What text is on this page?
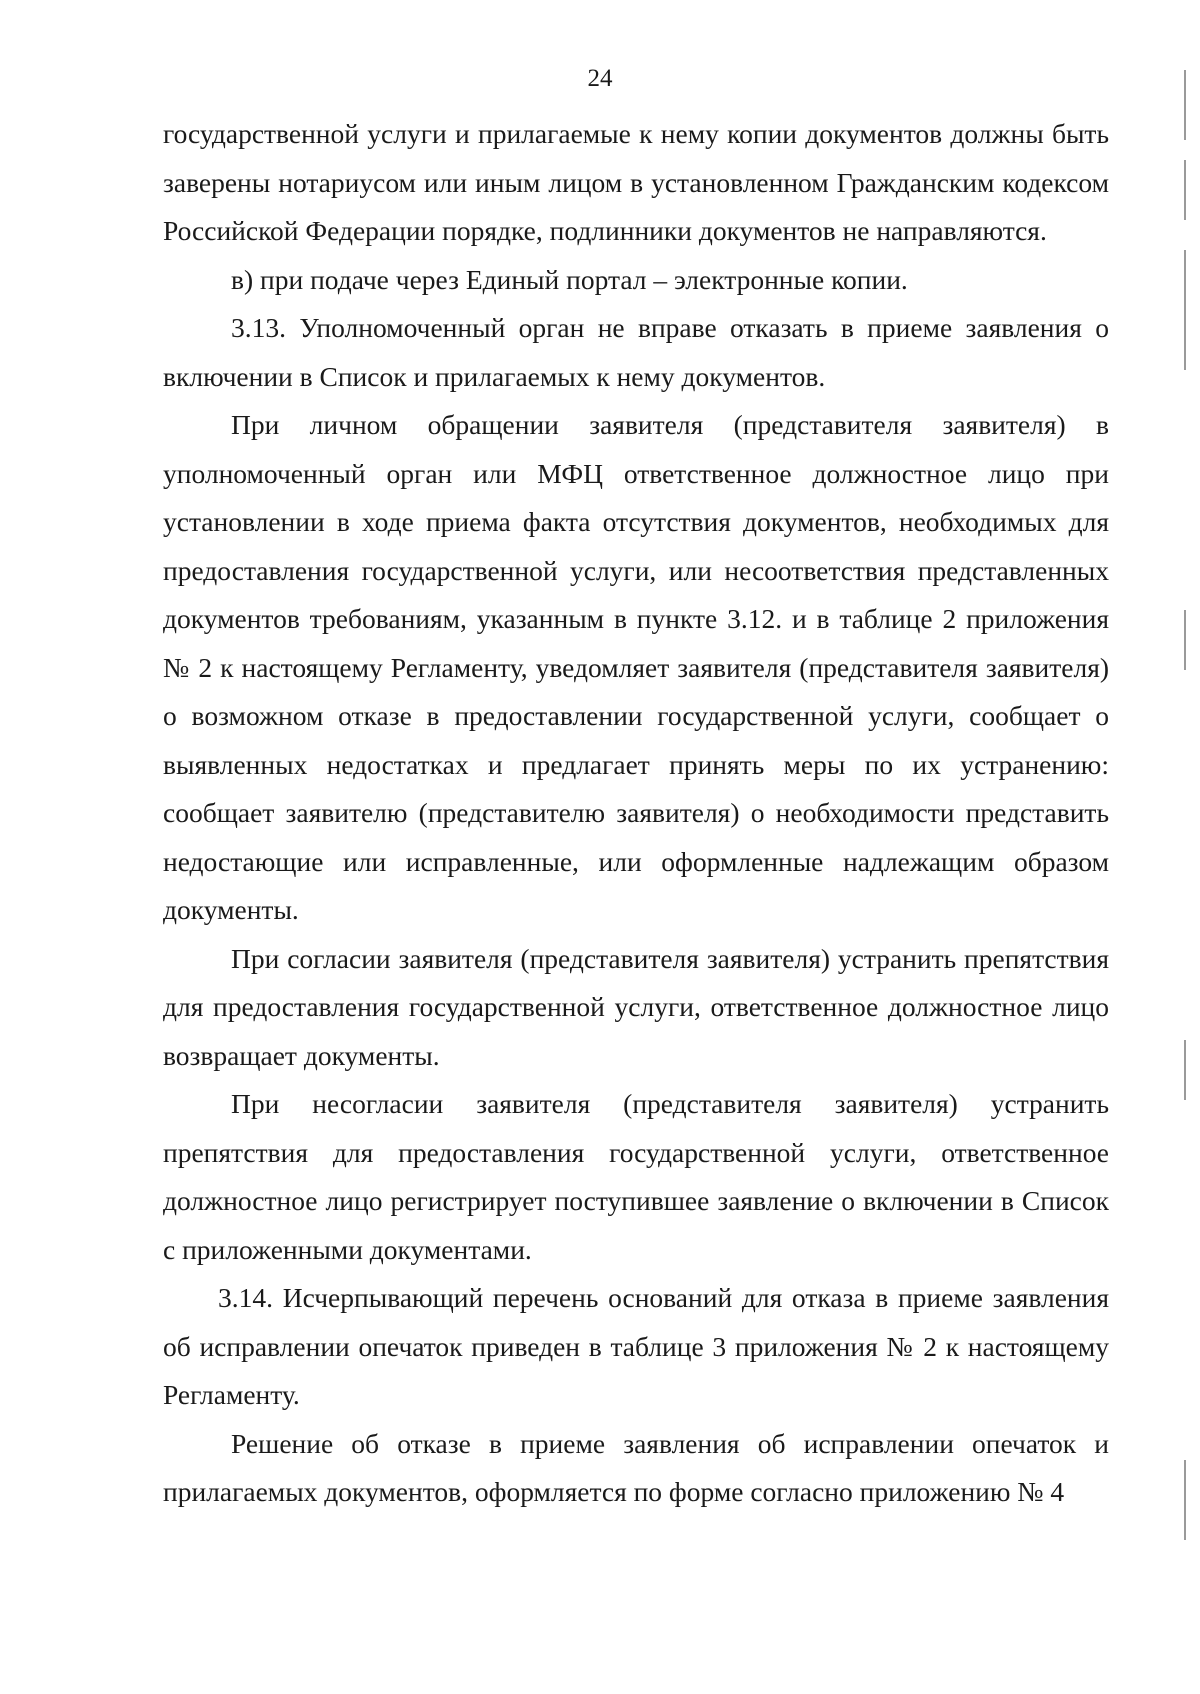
24

государственной услуги и прилагаемые к нему копии документов должны быть заверены нотариусом или иным лицом в установленном Гражданским кодексом Российской Федерации порядке, подлинники документов не направляются.

в) при подаче через Единый портал – электронные копии.

3.13. Уполномоченный орган не вправе отказать в приеме заявления о включении в Список и прилагаемых к нему документов.

При личном обращении заявителя (представителя заявителя) в уполномоченный орган или МФЦ ответственное должностное лицо при установлении в ходе приема факта отсутствия документов, необходимых для предоставления государственной услуги, или несоответствия представленных документов требованиям, указанным в пункте 3.12. и в таблице 2 приложения № 2 к настоящему Регламенту, уведомляет заявителя (представителя заявителя) о возможном отказе в предоставлении государственной услуги, сообщает о выявленных недостатках и предлагает принять меры по их устранению: сообщает заявителю (представителю заявителя) о необходимости представить недостающие или исправленные, или оформленные надлежащим образом документы.

При согласии заявителя (представителя заявителя) устранить препятствия для предоставления государственной услуги, ответственное должностное лицо возвращает документы.

При несогласии заявителя (представителя заявителя) устранить препятствия для предоставления государственной услуги, ответственное должностное лицо регистрирует поступившее заявление о включении в Список с приложенными документами.

3.14. Исчерпывающий перечень оснований для отказа в приеме заявления об исправлении опечаток приведен в таблице 3 приложения № 2 к настоящему Регламенту.

Решение об отказе в приеме заявления об исправлении опечаток и прилагаемых документов, оформляется по форме согласно приложению № 4
